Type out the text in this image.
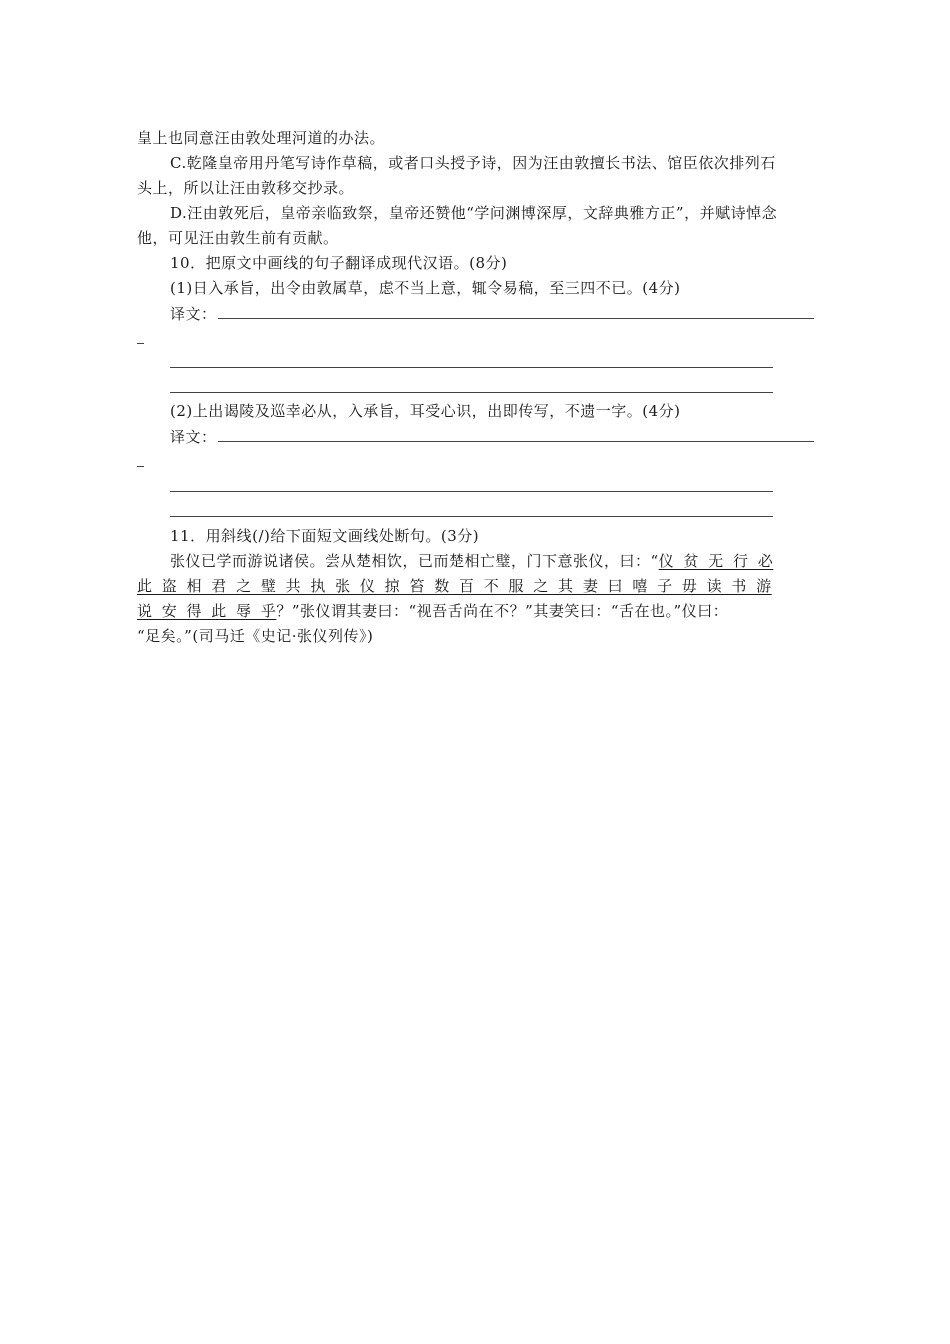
皇上也同意汪由敦处理河道的办法。
C.乾隆皇帝用丹笔写诗作草稿，或者口头授予诗，因为汪由敦擅长书法、馆臣依次排列石
头上，所以让汪由敦移交抄录。
D.汪由敦死后，皇帝亲临致祭，皇帝还赞他“学问渊博深厚，文辞典雅方正”，并赋诗悼念
他，可见汪由敦生前有贡献。
10．把原文中画线的句子翻译成现代汉语。(8分)
(1)日入承旨，出令由敦属草，虑不当上意，辄令易稿，至三四不已。(4分)
译文：
(2)上出谒陵及巡幸必从，入承旨，耳受心识，出即传写，不遗一字。(4分)
译文：
11．用斜线(/)给下面短文画线处断句。(3分)
张仪已学而游说诸侯。尝从楚相饮，已而楚相亡璧，门下意张仪，曰：“仪 贫 无 行 必
此 盗 相 君 之 璧 共 执 张 仪 掠 笞 数 百 不 服 之 其 妻 曰 嘻 子 毋 读 书 游
说 安 得 此 辱 乎？”张仪谓其妻曰：“视吾舌尚在不？”其妻笑曰：“舌在也。”仪曰：
“足矣。”(司马迁《史记·张仪列传》)
